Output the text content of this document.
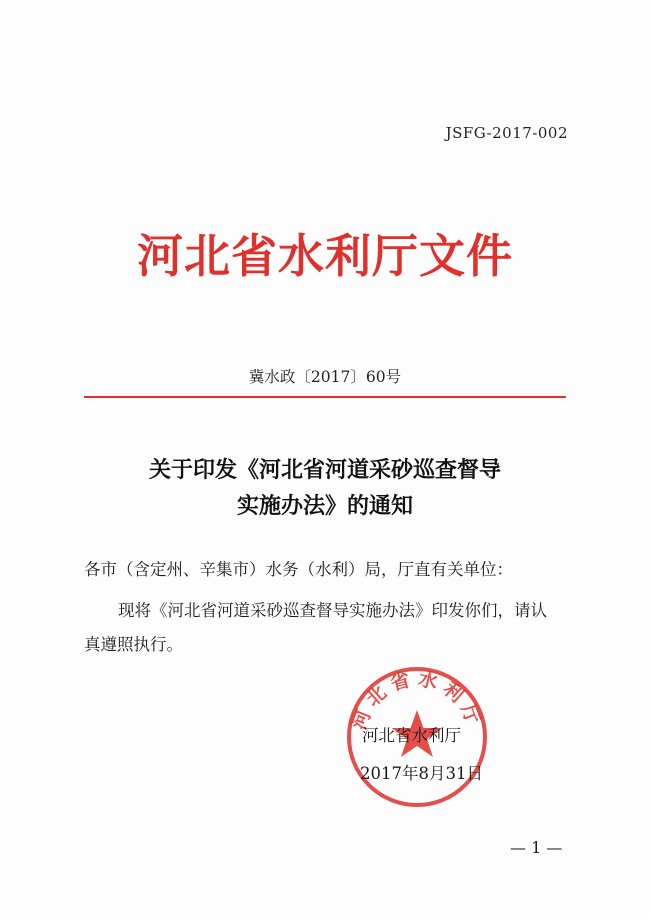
JSFG-2017-002
河北省水利厅文件
冀水政〔2017〕60号
关于印发《河北省河道采砂巡查督导
实施办法》的通知
各市（含定州、辛集市）水务（水利）局，厅直有关单位：
现将《河北省河道采砂巡查督导实施办法》印发你们，请认
真遵照执行。
河北省水利厅
河北省水利厅
2017年8月31日
— 1 —
